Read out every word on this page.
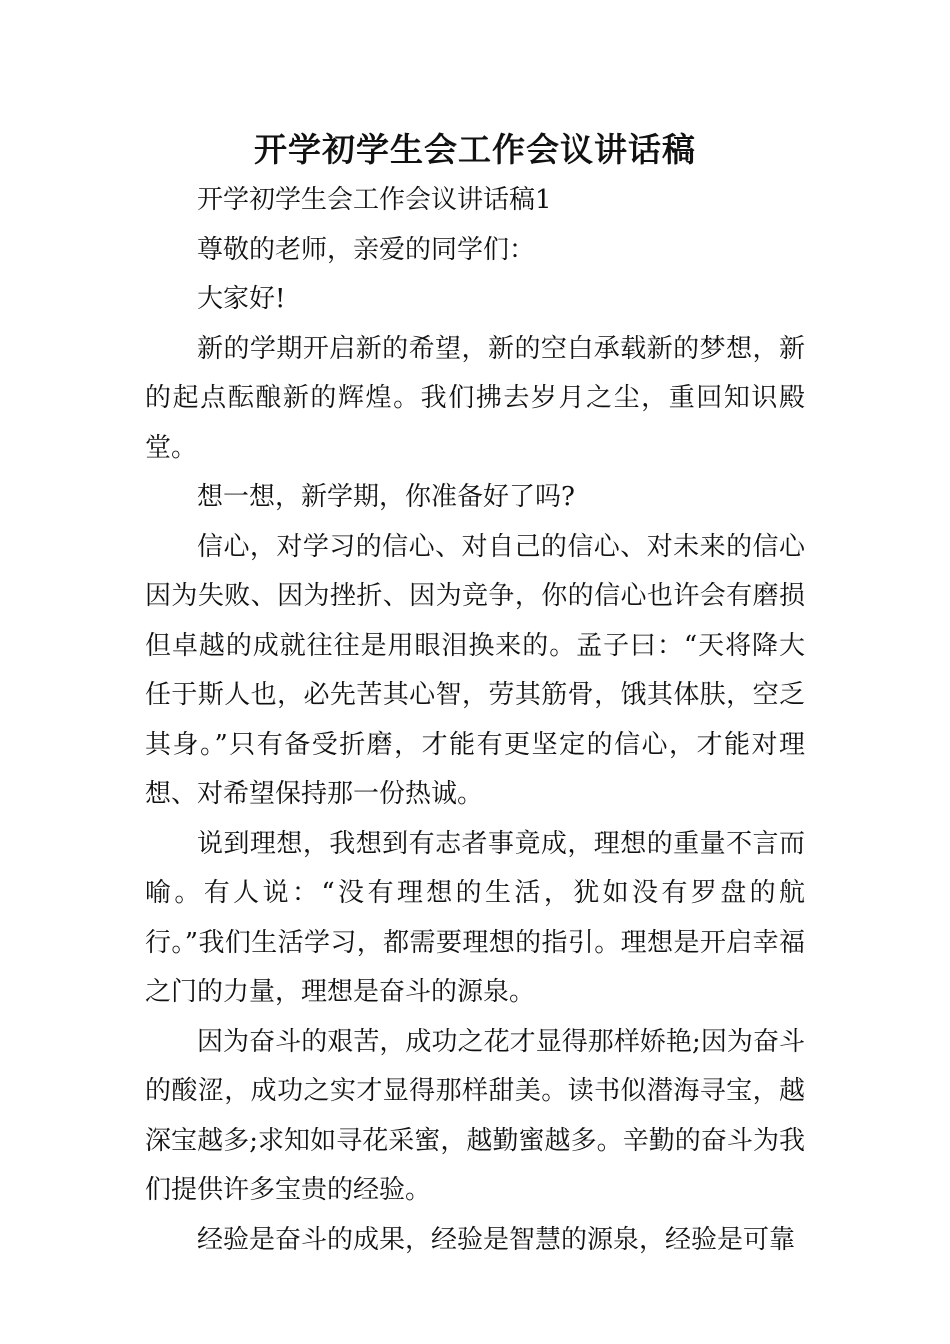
开学初学生会工作会议讲话稿

开学初学生会工作会议讲话稿1

尊敬的老师，亲爱的同学们：

大家好!

新的学期开启新的希望，新的空白承载新的梦想，新的起点酝酿新的辉煌。我们拂去岁月之尘，重回知识殿堂。

想一想，新学期，你准备好了吗?

信心，对学习的信心、对自己的信心、对未来的信心因为失败、因为挫折、因为竞争，你的信心也许会有磨损但卓越的成就往往是用眼泪换来的。孟子曰：“天将降大任于斯人也，必先苦其心智，劳其筋骨，饿其体肤，空乏其身。”只有备受折磨，才能有更坚定的信心，才能对理想、对希望保持那一份热诚。

说到理想，我想到有志者事竟成，理想的重量不言而喻。有人说：“没有理想的生活，犹如没有罗盘的航行。”我们生活学习，都需要理想的指引。理想是开启幸福之门的力量，理想是奋斗的源泉。

因为奋斗的艰苦，成功之花才显得那样娇艳;因为奋斗的酸涩，成功之实才显得那样甜美。读书似潜海寻宝，越深宝越多;求知如寻花采蜜，越勤蜜越多。辛勤的奋斗为我们提供许多宝贵的经验。

经验是奋斗的成果，经验是智慧的源泉，经验是可靠
